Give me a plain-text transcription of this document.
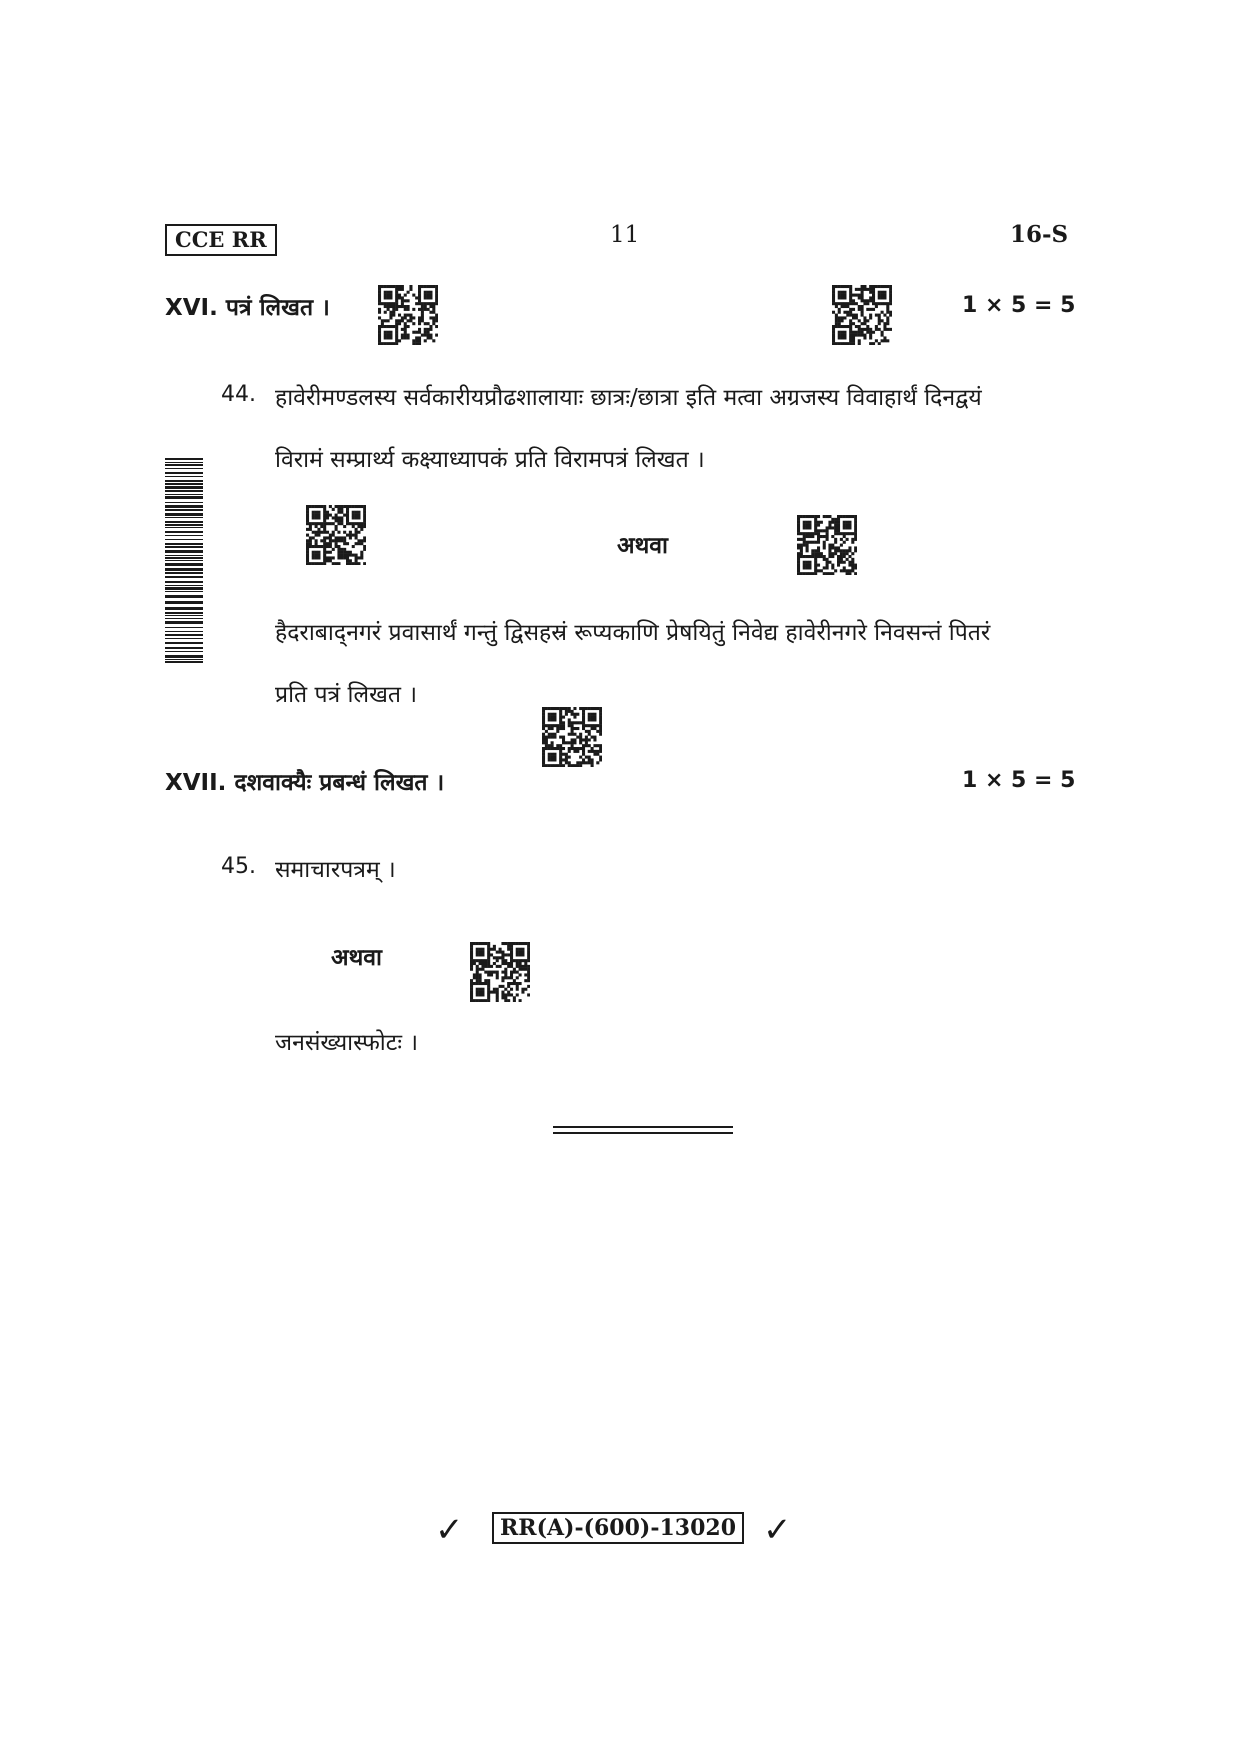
CCE RR	11	16-S
XVI. पत्रं लिखत ।	1 × 5 = 5
44. हावेरीमण्डलस्य सर्वकारीयप्रौढशालायाः छात्रः/छात्रा इति मत्वा अग्रजस्य विवाहार्थं दिनद्वयं
विरामं सम्प्रार्थ्य कक्ष्याध्यापकं प्रति विरामपत्रं लिखत ।
अथवा
हैदराबाद्नगरं प्रवासार्थं गन्तुं द्विसहस्रं रूप्यकाणि प्रेषयितुं निवेद्य हावेरीनगरे निवसन्तं पितरं
प्रति पत्रं लिखत ।
XVII. दशवाक्यैः प्रबन्धं लिखत ।	1 × 5 = 5
45. समाचारपत्रम् ।
अथवा
जनसंख्यास्फोटः ।
✓	RR(A)-(600)-13020 ✓
